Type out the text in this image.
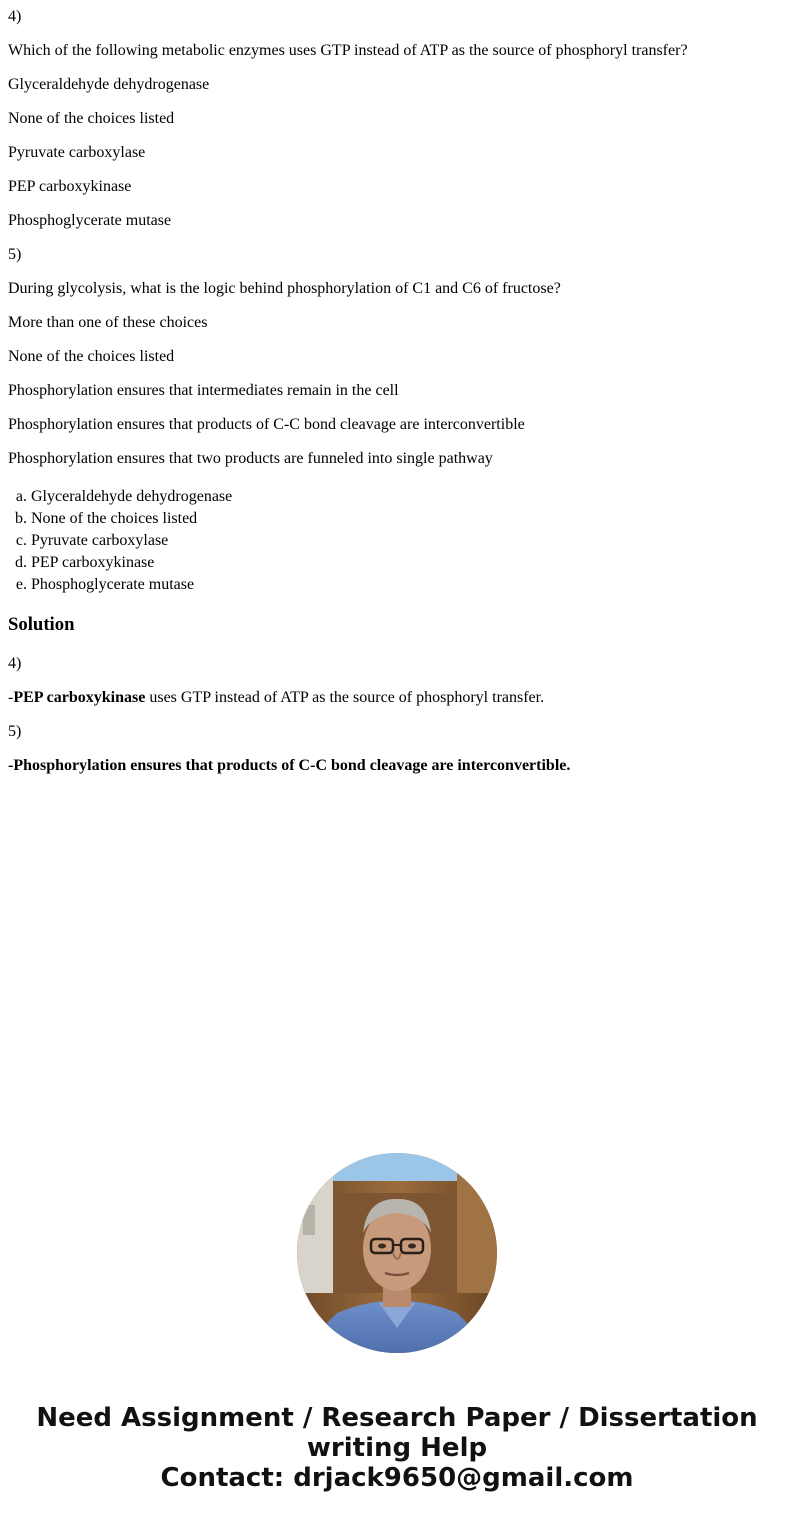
4)

Which of the following metabolic enzymes uses GTP instead of ATP as the source of phosphoryl transfer?

Glyceraldehyde dehydrogenase

None of the choices listed

Pyruvate carboxylase

PEP carboxykinase

Phosphoglycerate mutase

5)

During glycolysis, what is the logic behind phosphorylation of C1 and C6 of fructose?

More than one of these choices

None of the choices listed

Phosphorylation ensures that intermediates remain in the cell

Phosphorylation ensures that products of C-C bond cleavage are interconvertible

Phosphorylation ensures that two products are funneled into single pathway

a. Glyceraldehyde dehydrogenase
b. None of the choices listed
c. Pyruvate carboxylase
d. PEP carboxykinase
e. Phosphoglycerate mutase
Solution

4)

-PEP carboxykinase uses GTP instead of ATP as the source of phosphoryl transfer.

5)

-Phosphorylation ensures that products of C-C bond cleavage are interconvertible.

Need Assignment / Research Paper / Dissertation
writing Help
Contact: drjack9650@gmail.com
